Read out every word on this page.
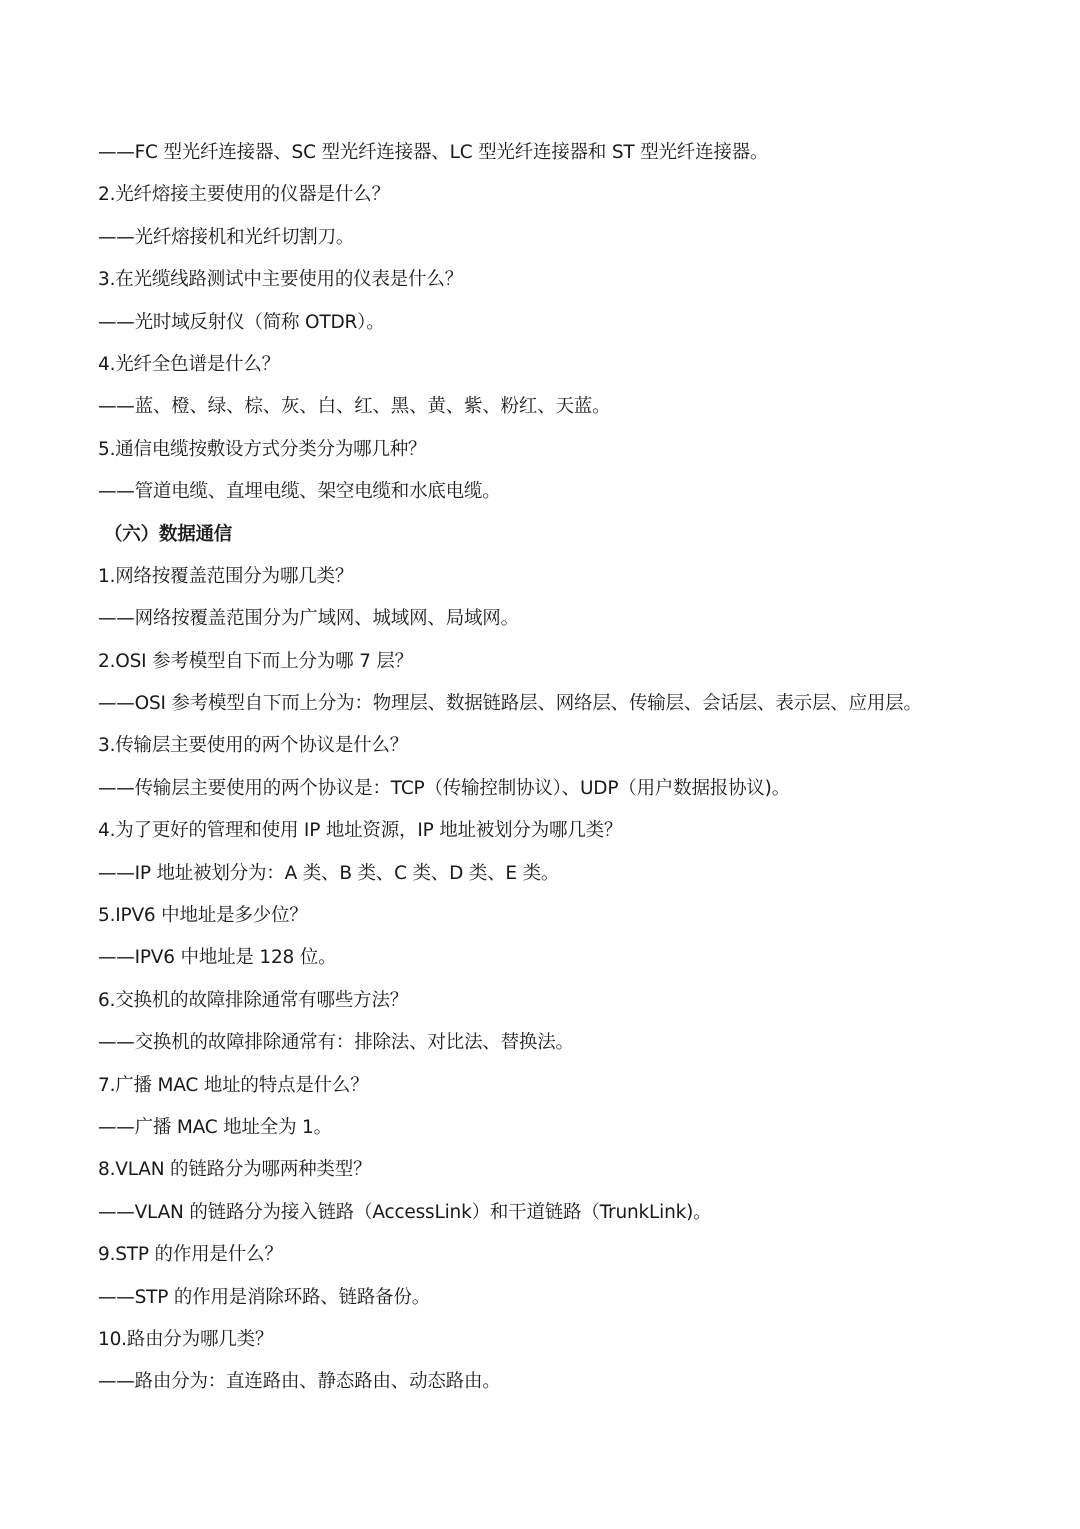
——FC 型光纤连接器、SC 型光纤连接器、LC 型光纤连接器和 ST 型光纤连接器。
2.光纤熔接主要使用的仪器是什么？
——光纤熔接机和光纤切割刀。
3.在光缆线路测试中主要使用的仪表是什么？
——光时域反射仪（简称 OTDR）。
4.光纤全色谱是什么？
——蓝、橙、绿、棕、灰、白、红、黑、黄、紫、粉红、天蓝。
5.通信电缆按敷设方式分类分为哪几种？
——管道电缆、直埋电缆、架空电缆和水底电缆。
（六）数据通信
1.网络按覆盖范围分为哪几类？
——网络按覆盖范围分为广域网、城域网、局域网。
2.OSI 参考模型自下而上分为哪 7 层？
——OSI 参考模型自下而上分为：物理层、数据链路层、网络层、传输层、会话层、表示层、应用层。
3.传输层主要使用的两个协议是什么？
——传输层主要使用的两个协议是：TCP（传输控制协议）、UDP（用户数据报协议)。
4.为了更好的管理和使用 IP 地址资源，IP 地址被划分为哪几类？
——IP 地址被划分为：A 类、B 类、C 类、D 类、E 类。
5.IPV6 中地址是多少位？
——IPV6 中地址是 128 位。
6.交换机的故障排除通常有哪些方法？
——交换机的故障排除通常有：排除法、对比法、替换法。
7.广播 MAC 地址的特点是什么？
——广播 MAC 地址全为 1。
8.VLAN 的链路分为哪两种类型？
——VLAN 的链路分为接入链路（AccessLink）和干道链路（TrunkLink)。
9.STP 的作用是什么？
——STP 的作用是消除环路、链路备份。
10.路由分为哪几类？
——路由分为：直连路由、静态路由、动态路由。
